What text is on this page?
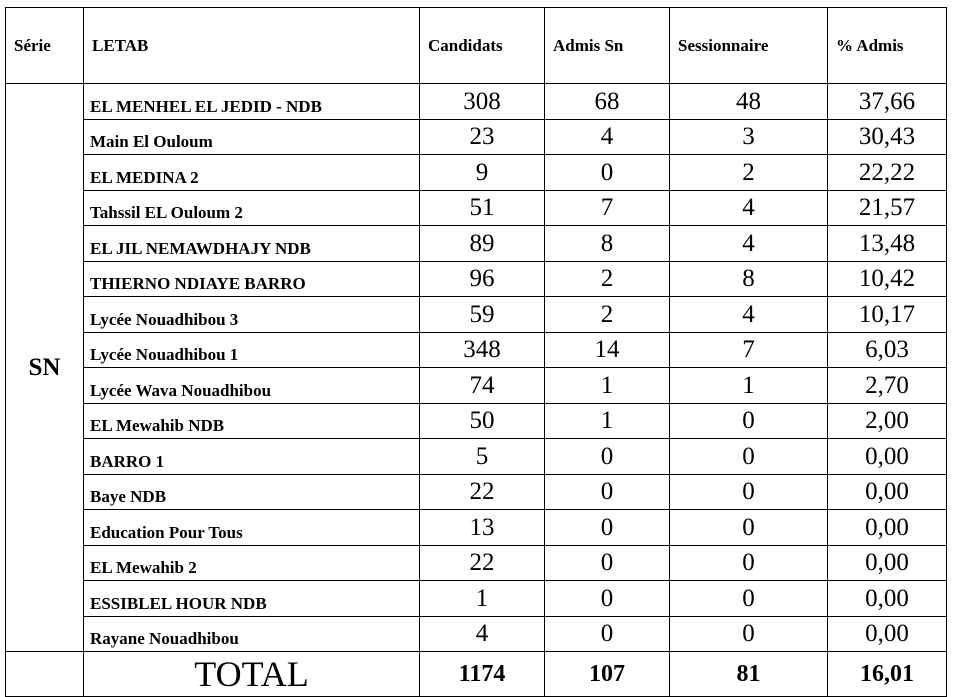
Série	LETAB	Candidats	Admis Sn	Sessionnaire	% Admis
SN	EL MENHEL EL JEDID - NDB	308	68	48	37,66
	Main El Ouloum	23	4	3	30,43
	EL MEDINA 2	9	0	2	22,22
	Tahssil EL Ouloum 2	51	7	4	21,57
	EL JIL NEMAWDHAJY NDB	89	8	4	13,48
	THIERNO NDIAYE BARRO	96	2	8	10,42
	Lycée Nouadhibou 3	59	2	4	10,17
	Lycée Nouadhibou 1	348	14	7	6,03
	Lycée Wava Nouadhibou	74	1	1	2,70
	EL Mewahib NDB	50	1	0	2,00
	BARRO 1	5	0	0	0,00
	Baye NDB	22	0	0	0,00
	Education Pour Tous	13	0	0	0,00
	EL Mewahib 2	22	0	0	0,00
	ESSIBLEL HOUR NDB	1	0	0	0,00
	Rayane Nouadhibou	4	0	0	0,00
	TOTAL	1174	107	81	16,01
